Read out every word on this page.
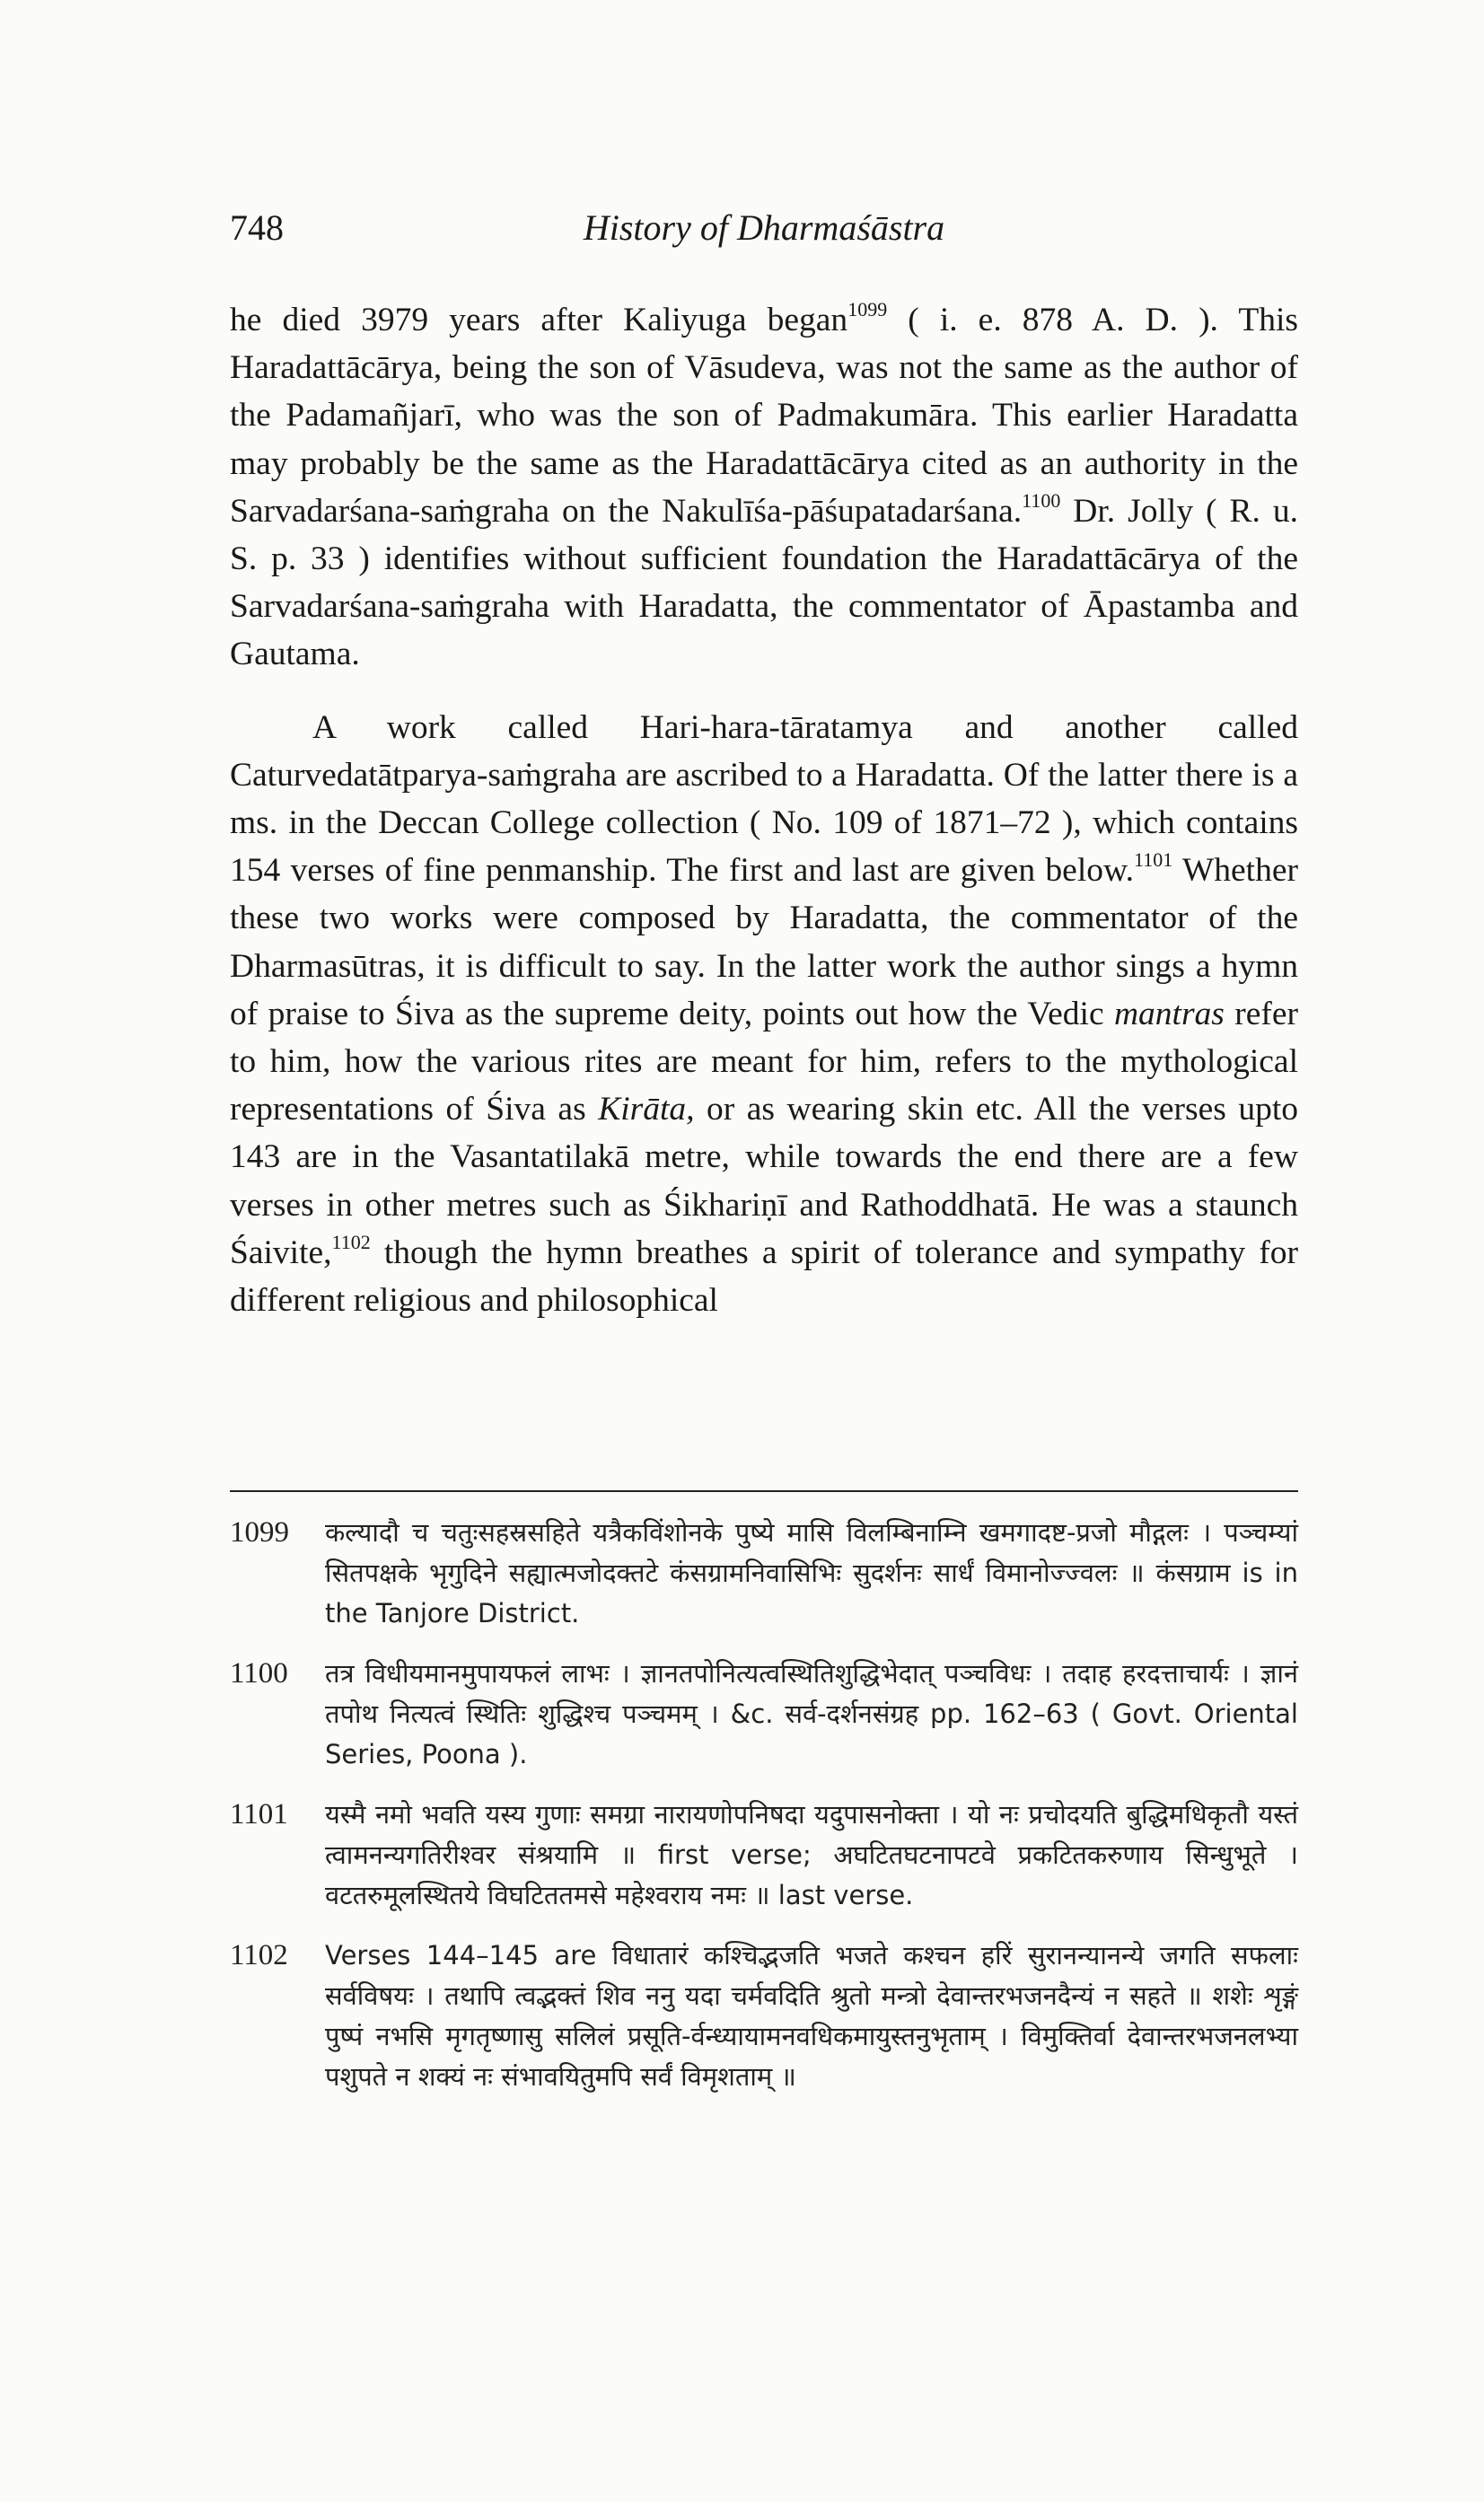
748	History of Dharmaśāstra

he died 3979 years after Kaliyuga began$^{1099}$ ( i. e. 878 A. D. ). This Haradattācārya, being the son of Vāsudeva, was not the same as the author of the Padamañjarī, who was the son of Padmakumāra. This earlier Haradatta may probably be the same as the Haradattācārya cited as an authority in the Sarvadarśana-saṁgraha on the Nakulīśa-pāśupatadarśana.$^{1100}$ Dr. Jolly ( R. u. S. p. 33 ) identifies without sufficient foundation the Haradattācārya of the Sarvadarśana-saṁgraha with Haradatta, the commentator of Āpastamba and Gautama.

A work called Hari-hara-tāratamya and another called Caturvedatātparya-saṁgraha are ascribed to a Haradatta. Of the latter there is a ms. in the Deccan College collection ( No. 109 of 1871–72 ), which contains 154 verses of fine penmanship. The first and last are given below.$^{1101}$ Whether these two works were composed by Haradatta, the commentator of the Dharmasūtras, it is difficult to say. In the latter work the author sings a hymn of praise to Śiva as the supreme deity, points out how the Vedic mantras refer to him, how the various rites are meant for him, refers to the mythological representations of Śiva as Kirāta, or as wearing skin etc. All the verses upto 143 are in the Vasantatilakā metre, while towards the end there are a few verses in other metres such as Śikhariṇī and Rathoddhatā. He was a staunch Śaivite,$^{1102}$ though the hymn breathes a spirit of tolerance and sympathy for different religious and philosophical

1099 कल्यादौ च चतुःसहस्रसहिते यत्रैकविंशोनके पुष्ये मासि विलम्बिनाम्नि खमगादष्ट-प्रजो मौद्गलः । पञ्चम्यां सितपक्षके भृगुदिने सह्यात्मजोदक्तटे कंसग्रामनिवासिभिः सुदर्शनः सार्धं विमानोज्ज्वलः ॥ कंसग्राम is in the Tanjore District.
1100 तत्र विधीयमानमुपायफलं लाभः । ज्ञानतपोनित्यत्वस्थितिशुद्धिभेदात् पञ्चविधः । तदाह हरदत्ताचार्यः । ज्ञानं तपोथ नित्यत्वं स्थितिः शुद्धिश्च पञ्चमम् । &c. सर्व-दर्शनसंग्रह pp. 162–63 ( Govt. Oriental Series, Poona ).
1101 यस्मै नमो भवति यस्य गुणाः समग्रा नारायणोपनिषदा यदुपासनोक्ता । यो नः प्रचोदयति बुद्धिमधिकृतौ यस्तं त्वामनन्यगतिरीश्वर संश्रयामि ॥ first verse; अघटितघटनापटवे प्रकटितकरुणाय सिन्धुभूते । वटतरुमूलस्थितये विघटिततमसे महेश्वराय नमः ॥ last verse.
1102 Verses 144–145 are विधातारं कश्चिद्भजति भजते कश्चन हरिं सुरानन्यानन्ये जगति सफलाः सर्वविषयः । तथापि त्वद्भक्तं शिव ननु यदा चर्मवदिति श्रुतो मन्त्रो देवान्तरभजनदैन्यं न सहते ॥ शशेः शृङ्गं पुष्पं नभसि मृगतृष्णासु सलिलं प्रसूति-र्वन्ध्यायामनवधिकमायुस्तनुभृताम् । विमुक्तिर्वा देवान्तरभजनलभ्या पशुपते न शक्यं नः संभावयितुमपि सर्वं विमृशताम् ॥
